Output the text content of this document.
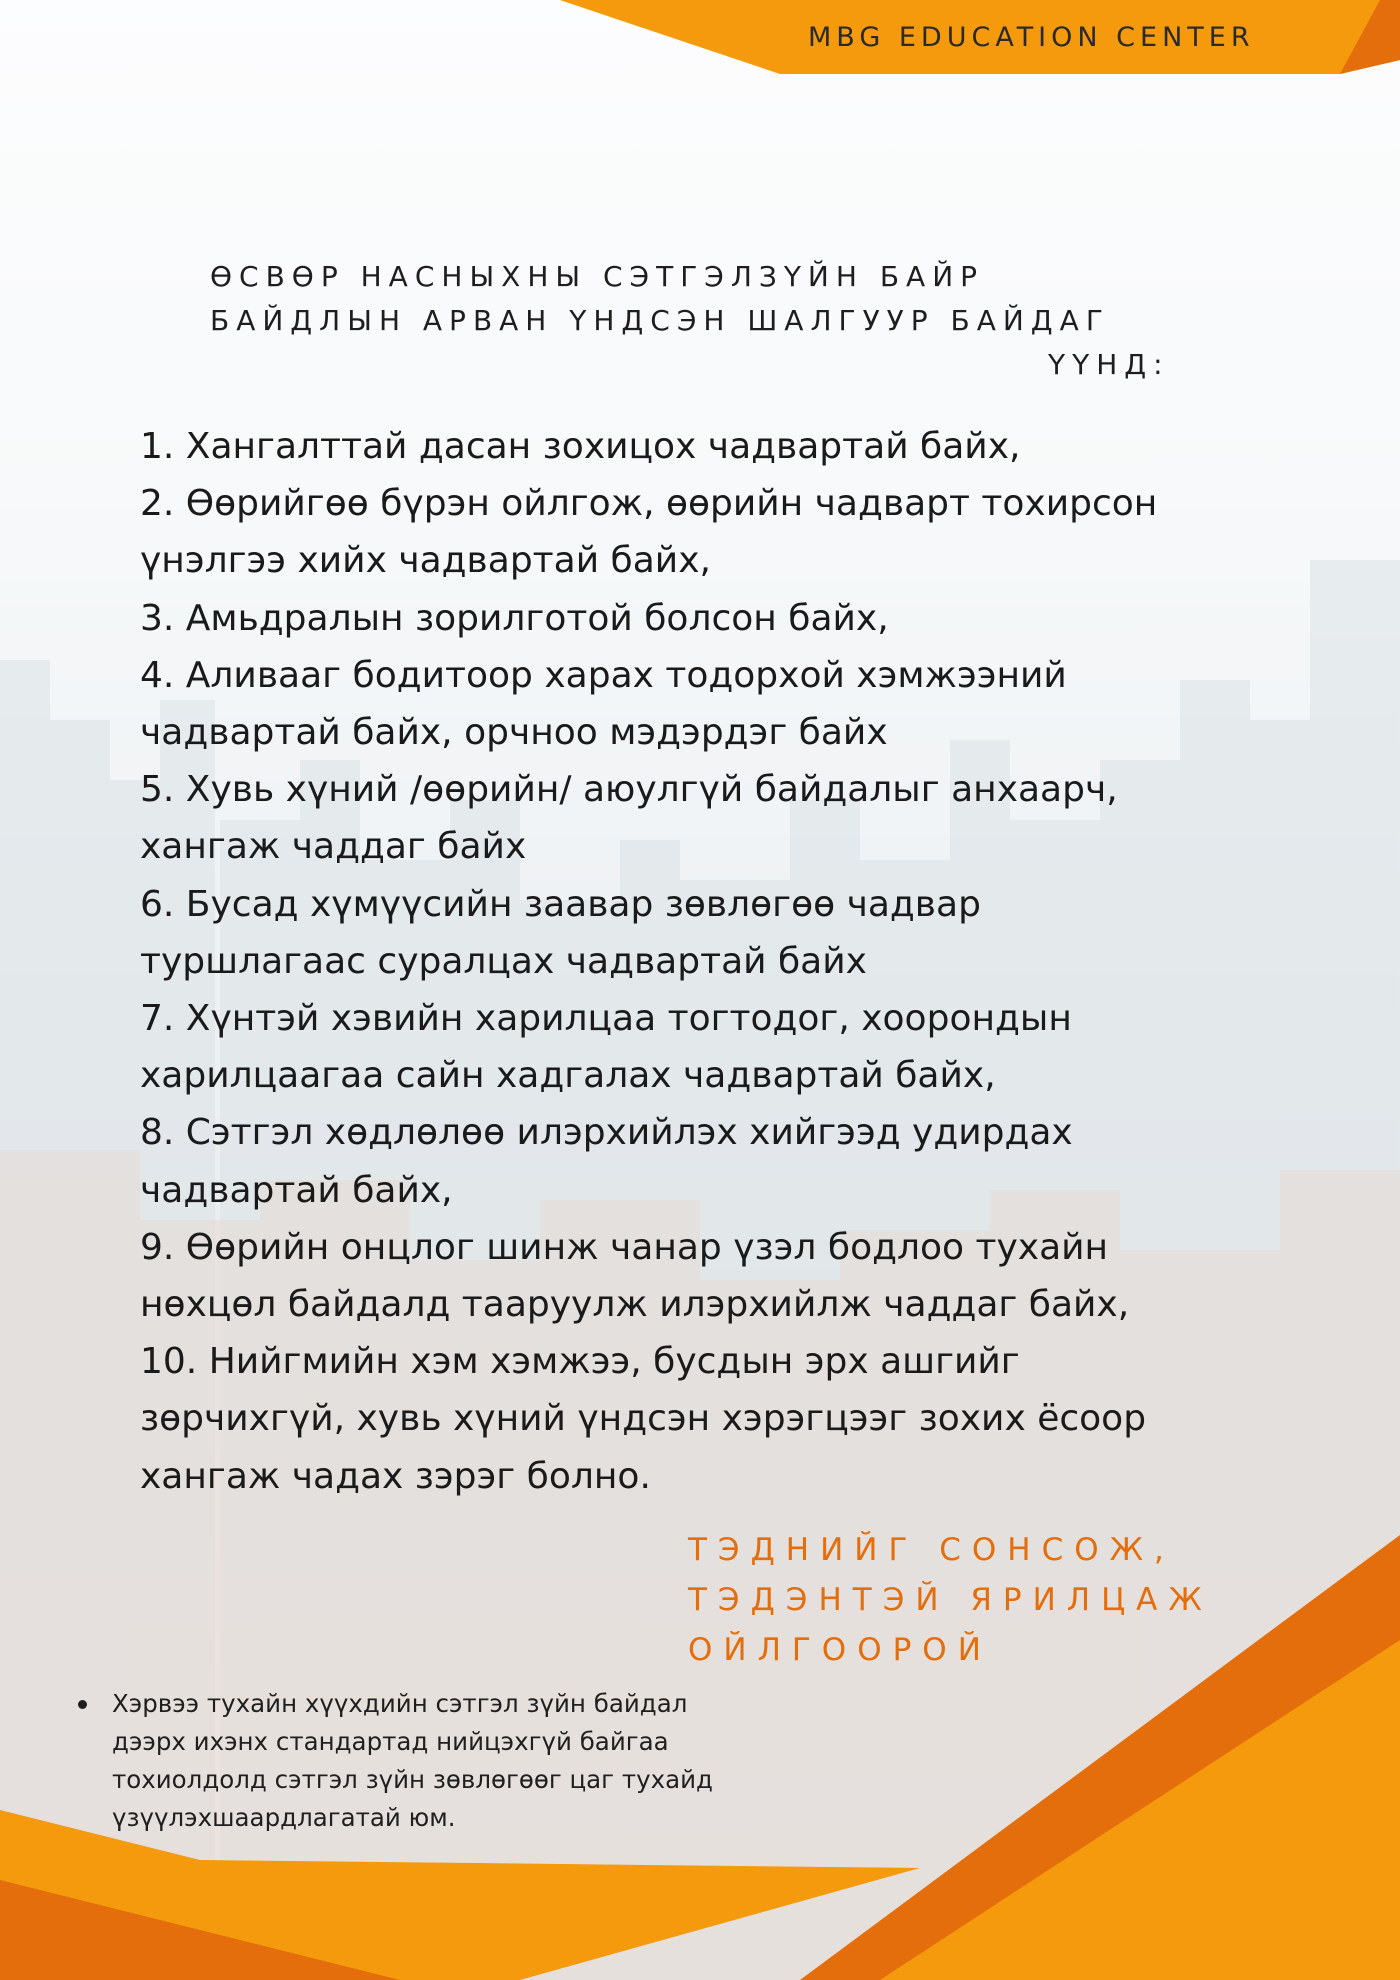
MBG EDUCATION CENTER
ӨСВӨР НАСНЫХНЫ СЭТГЭЛЗҮЙН БАЙР
БАЙДЛЫН АРВАН ҮНДСЭН ШАЛГУУР БАЙДАГ

ҮҮНД:
1. Хангалттай дасан зохицох чадвартай байх,
2. Өөрийгөө бүрэн ойлгож, өөрийн чадварт тохирсон
үнэлгээ хийх чадвартай байх,
3. Амьдралын зорилготой болсон байх,
4. Аливааг бодитоор харах тодорхой хэмжээний
чадвартай байх, орчноо мэдэрдэг байх
5. Хувь хүний /өөрийн/ аюулгүй байдалыг анхаарч,
хангаж чаддаг байх
6. Бусад хүмүүсийн заавар зөвлөгөө чадвар
туршлагаас суралцах чадвартай байх
7. Хүнтэй хэвийн харилцаа тогтодог, хоорондын
харилцаагаа сайн хадгалах чадвартай байх,
8. Сэтгэл хөдлөлөө илэрхийлэх хийгээд удирдах
чадвартай байх,
9. Өөрийн онцлог шинж чанар үзэл бодлоо тухайн
нөхцөл байдалд тааруулж илэрхийлж чаддаг байх,
10. Нийгмийн хэм хэмжээ, бусдын эрх ашгийг
зөрчихгүй, хувь хүний үндсэн хэрэгцээг зохих ёсоор
хангаж чадах зэрэг болно.
ТЭДНИЙГ СОНСОЖ,
ТЭДЭНТЭЙ ЯРИЛЦАЖ
ОЙЛГООРОЙ
Хэрвээ тухайн хүүхдийн сэтгэл зүйн байдал
дээрх ихэнх стандартад нийцэхгүй байгаа
тохиолдолд сэтгэл зүйн зөвлөгөөг цаг тухайд
үзүүлэхшаардлагатай юм.
